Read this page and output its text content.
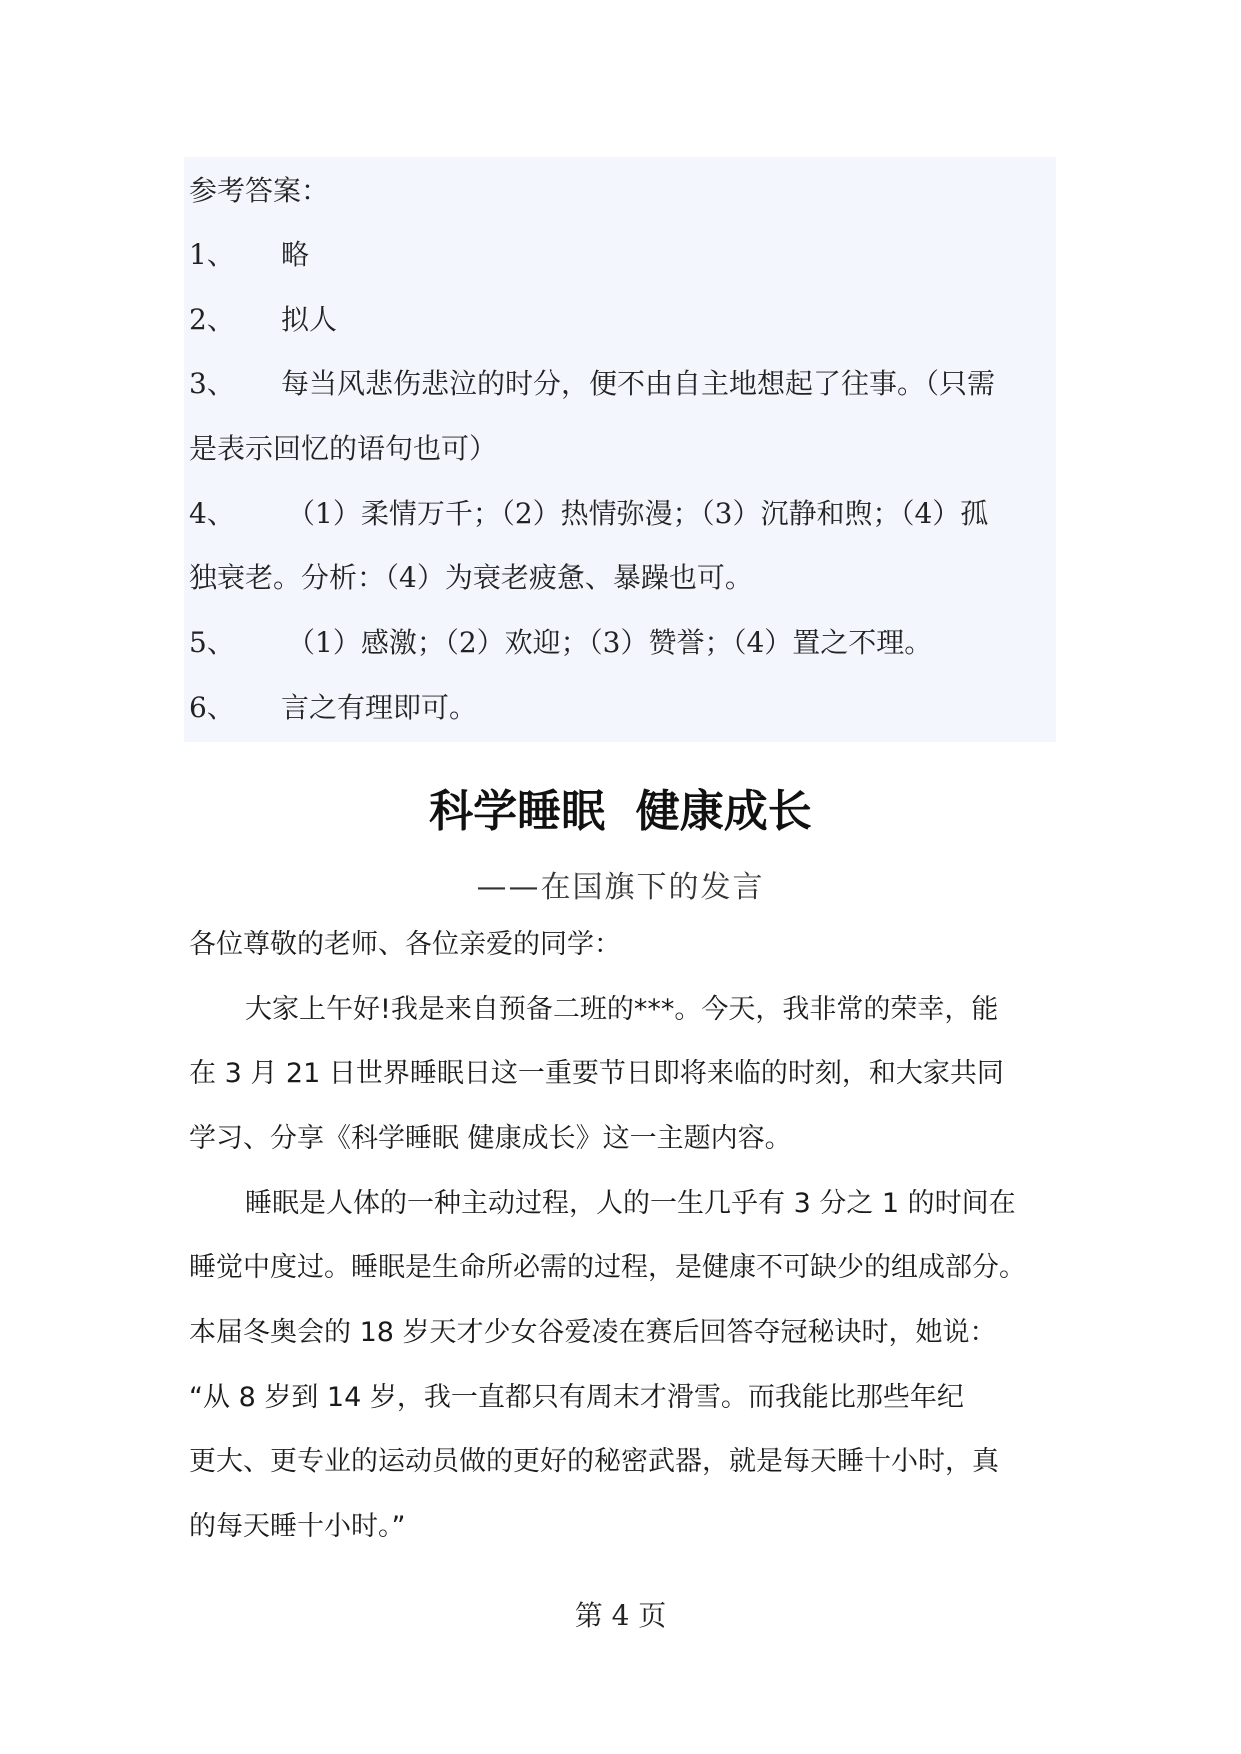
参考答案：
1、 略
2、 拟人
3、 每当风悲伤悲泣的时分，便不由自主地想起了往事。（只需
是表示回忆的语句也可）
4、 （1）柔情万千；（2）热情弥漫；（3）沉静和煦；（4）孤
独衰老。分析：（4）为衰老疲惫、暴躁也可。
5、 （1）感激；（2）欢迎；（3）赞誉；（4）置之不理。
6、 言之有理即可。
科学睡眠  健康成长
——在国旗下的发言
各位尊敬的老师、各位亲爱的同学：
大家上午好!我是来自预备二班的***。今天，我非常的荣幸，能
在 3 月 21 日世界睡眠日这一重要节日即将来临的时刻，和大家共同
学习、分享《科学睡眠 健康成长》这一主题内容。
睡眠是人体的一种主动过程，人的一生几乎有 3 分之 1 的时间在
睡觉中度过。睡眠是生命所必需的过程，是健康不可缺少的组成部分。
本届冬奥会的 18 岁天才少女谷爱凌在赛后回答夺冠秘诀时，她说：
“从 8 岁到 14 岁，我一直都只有周末才滑雪。而我能比那些年纪
更大、更专业的运动员做的更好的秘密武器，就是每天睡十小时，真
的每天睡十小时。”
第 4 页
